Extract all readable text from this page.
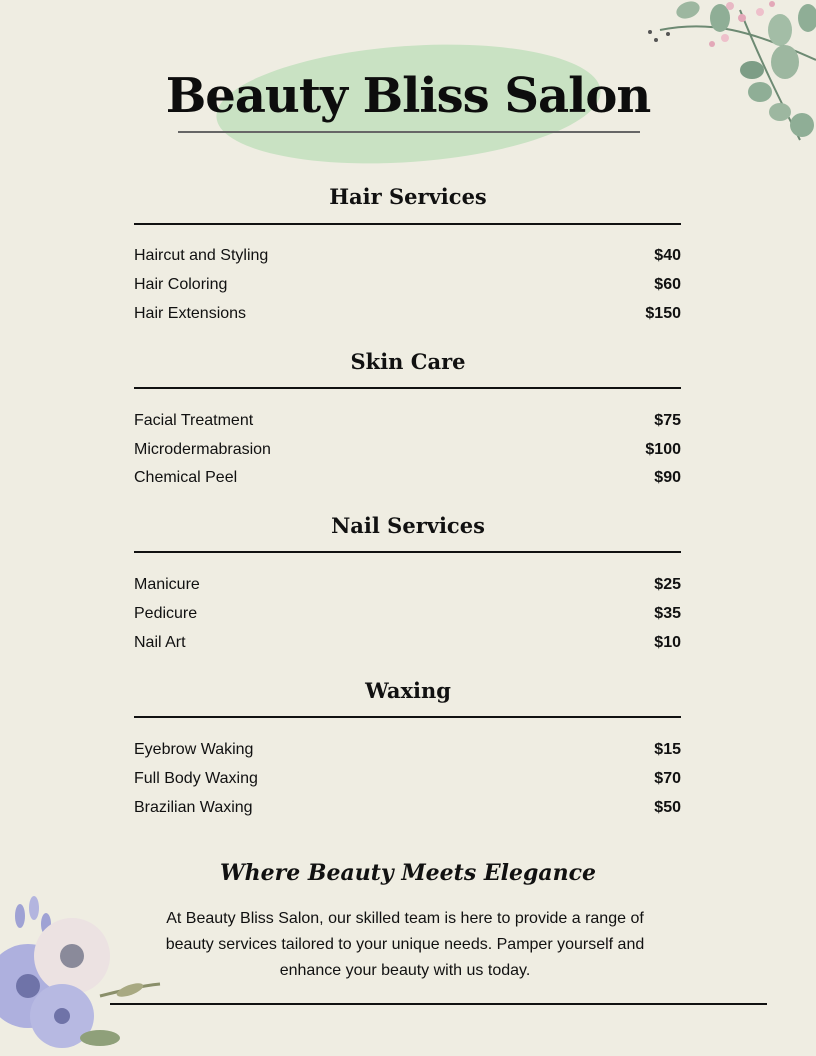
Beauty Bliss Salon
Hair Services
Haircut and Styling	$40
Hair Coloring	$60
Hair Extensions	$150
Skin Care
Facial Treatment	$75
Microdermabrasion	$100
Chemical Peel	$90
Nail Services
Manicure	$25
Pedicure	$35
Nail Art	$10
Waxing
Eyebrow Waking	$15
Full Body Waxing	$70
Brazilian Waxing	$50
Where Beauty Meets Elegance
At Beauty Bliss Salon, our skilled team is here to provide a range of beauty services tailored to your unique needs. Pamper yourself and enhance your beauty with us today.
